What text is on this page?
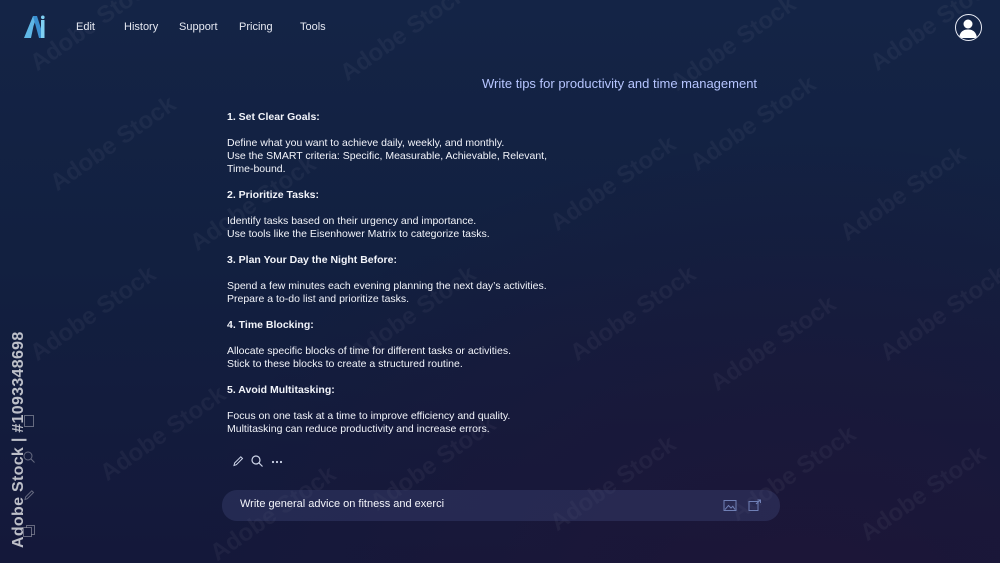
Edit	History Support Pricing Tools
Write tips for productivity and time management
1. Set Clear Goals:
Define what you want to achieve daily, weekly, and monthly.
Use the SMART criteria: Specific, Measurable, Achievable, Relevant,
Time-bound.
2. Prioritize Tasks:
Identify tasks based on their urgency and importance.
Use tools like the Eisenhower Matrix to categorize tasks.
3. Plan Your Day the Night Before:
Spend a few minutes each evening planning the next day’s activities.
Prepare a to-do list and prioritize tasks.
4. Time Blocking:
Allocate specific blocks of time for different tasks or activities.
Stick to these blocks to create a structured routine.
5. Avoid Multitasking:
Focus on one task at a time to improve efficiency and quality.
Multitasking can reduce productivity and increase errors.
Write general advice on fitness and exerci
Adobe Stock | #1093348698
